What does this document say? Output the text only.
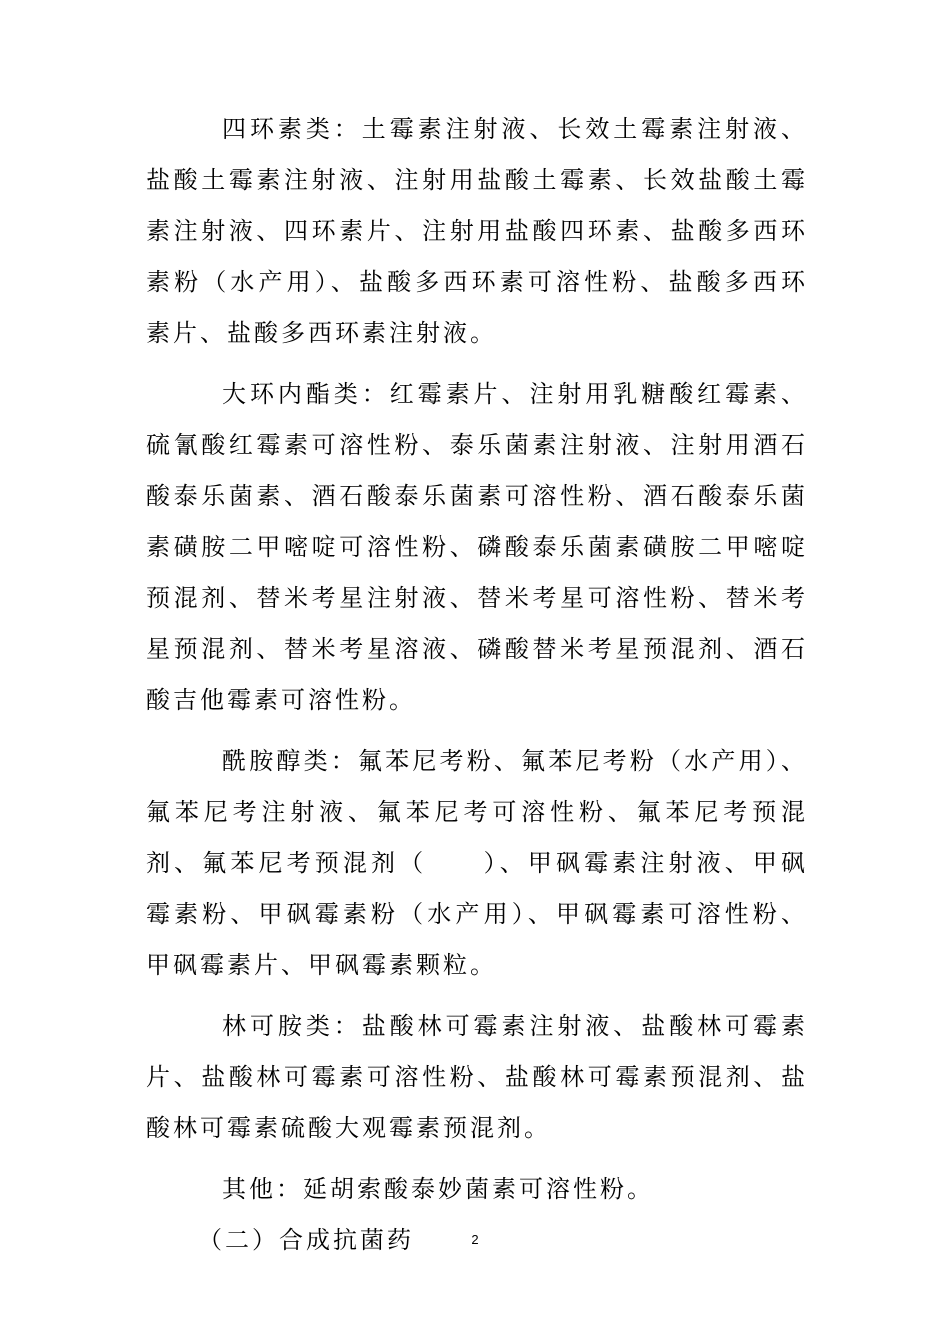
四环素类：土霉素注射液、长效土霉素注射液、盐酸土霉素注射液、注射用盐酸土霉素、长效盐酸土霉素注射液、四环素片、注射用盐酸四环素、盐酸多西环素粉（水产用）、盐酸多西环素可溶性粉、盐酸多西环素片、盐酸多西环素注射液。

大环内酯类：红霉素片、注射用乳糖酸红霉素、硫氰酸红霉素可溶性粉、泰乐菌素注射液、注射用酒石酸泰乐菌素、酒石酸泰乐菌素可溶性粉、酒石酸泰乐菌素磺胺二甲嘧啶可溶性粉、磷酸泰乐菌素磺胺二甲嘧啶预混剂、替米考星注射液、替米考星可溶性粉、替米考星预混剂、替米考星溶液、磷酸替米考星预混剂、酒石酸吉他霉素可溶性粉。

酰胺醇类：氟苯尼考粉、氟苯尼考粉（水产用）、氟苯尼考注射液、氟苯尼考可溶性粉、氟苯尼考预混剂、氟苯尼考预混剂（　　）、甲砜霉素注射液、甲砜霉素粉、甲砜霉素粉（水产用）、甲砜霉素可溶性粉、甲砜霉素片、甲砜霉素颗粒。

林可胺类：盐酸林可霉素注射液、盐酸林可霉素片、盐酸林可霉素可溶性粉、盐酸林可霉素预混剂、盐酸林可霉素硫酸大观霉素预混剂。

其他：延胡索酸泰妙菌素可溶性粉。

（二）合成抗菌药	2
